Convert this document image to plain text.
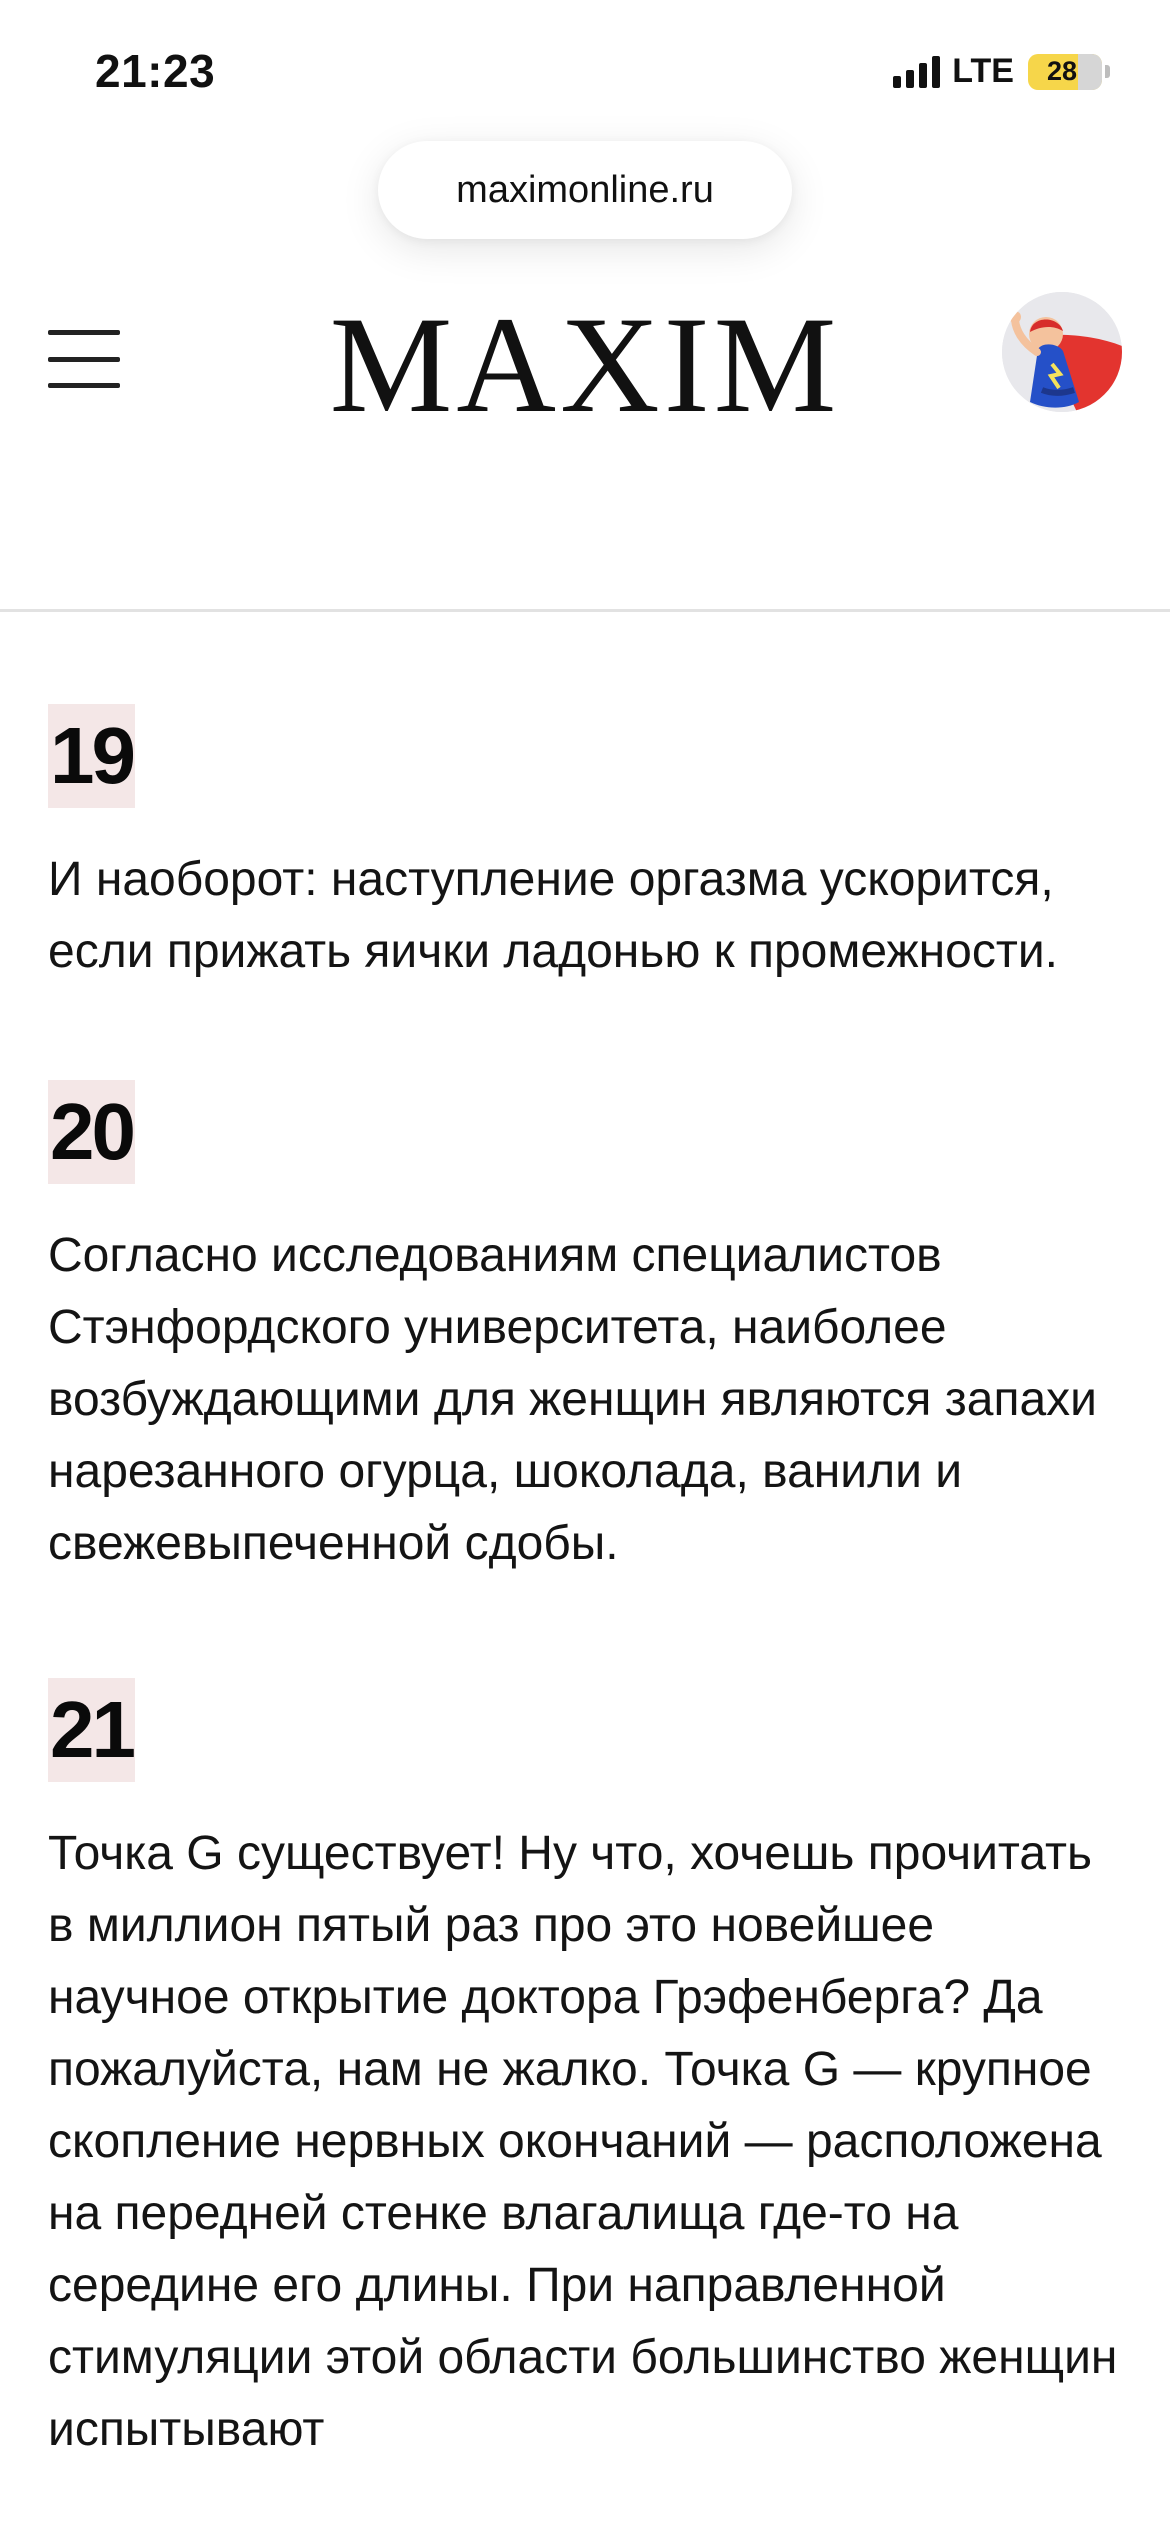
21:23	LTE 28
maximonline.ru
MAXIM
19

И наоборот: наступление оргазма ускорится, если прижать яички ладонью к промежности.

20

Согласно исследованиям специалистов Стэнфордского университета, наиболее возбуждающими для женщин являются запахи нарезанного огурца, шоколада, ванили и свежевыпеченной сдобы.

21

Точка G существует! Ну что, хочешь прочитать в миллион пятый раз про это новейшее научное открытие доктора Грэфенберга? Да пожалуйста, нам не жалко. Точка G — крупное скопление нервных окончаний — расположена на передней стенке влагалища где-то на середине его длины. При направленной стимуляции этой области большинство женщин испытывают
